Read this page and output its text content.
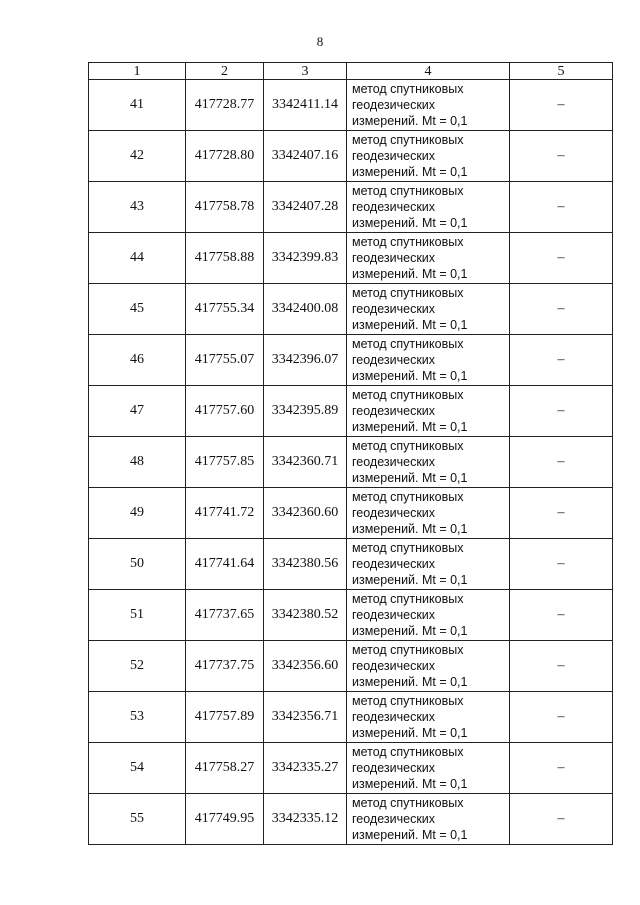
8
1	2	3	4	5
41	417728.77	3342411.14	метод спутниковых
геодезических
измерений. Mt = 0,1	–
42	417728.80	3342407.16	метод спутниковых
геодезических
измерений. Mt = 0,1	–
43	417758.78	3342407.28	метод спутниковых
геодезических
измерений. Mt = 0,1	–
44	417758.88	3342399.83	метод спутниковых
геодезических
измерений. Mt = 0,1	–
45	417755.34	3342400.08	метод спутниковых
геодезических
измерений. Mt = 0,1	–
46	417755.07	3342396.07	метод спутниковых
геодезических
измерений. Mt = 0,1	–
47	417757.60	3342395.89	метод спутниковых
геодезических
измерений. Mt = 0,1	–
48	417757.85	3342360.71	метод спутниковых
геодезических
измерений. Mt = 0,1	–
49	417741.72	3342360.60	метод спутниковых
геодезических
измерений. Mt = 0,1	–
50	417741.64	3342380.56	метод спутниковых
геодезических
измерений. Mt = 0,1	–
51	417737.65	3342380.52	метод спутниковых
геодезических
измерений. Mt = 0,1	–
52	417737.75	3342356.60	метод спутниковых
геодезических
измерений. Mt = 0,1	–
53	417757.89	3342356.71	метод спутниковых
геодезических
измерений. Mt = 0,1	–
54	417758.27	3342335.27	метод спутниковых
геодезических
измерений. Mt = 0,1	–
55	417749.95	3342335.12	метод спутниковых
геодезических
измерений. Mt = 0,1	–
